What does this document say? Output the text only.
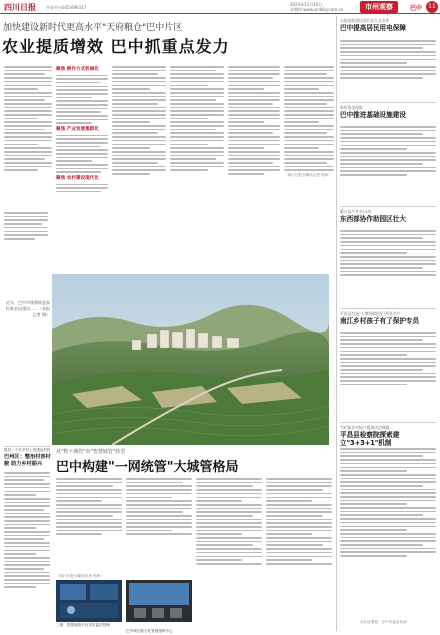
四川日报	开放平台035·090317
2023年11月16日
星期四 www.scdaily.com.cn	市州观察	巴中	11
加快建设新时代更高水平"天府粮仓"巴中片区
农业提质增效 巴中抓重点发力
聚焦 耕作方式机械化
聚焦 产业发展集群化
聚焦 农村建设现代化
（四川日报全媒体记者 郭炜）
近年，巴中市统筹推进高标准农田建设……（本报记者 摄）
最后一个在乡村上班建设村民
巴州区：整治村容村貌 助力乡村振兴
从"数字城管"向"智慧城管"转型
巴中构建"一网统管"大城管格局
（四川日报全媒体记者 郭炜）
三图：智慧城管平台实时监控管理
巴中城区数字化管理指挥中心
当地加快建设现代化生态农业
巴中提高居民用电保障
新的资金保障
巴中推进基础设施建设
累计落户企业13家
东西部协作助园区壮大
平昌县打造"人增收粮优化"两张名片
南江乡村孩子有了保护专员
为护航乡村振兴提供法治保障
平昌县检察院探索建立"3+3+1"机制
本栏目策划：巴中市委宣传部
